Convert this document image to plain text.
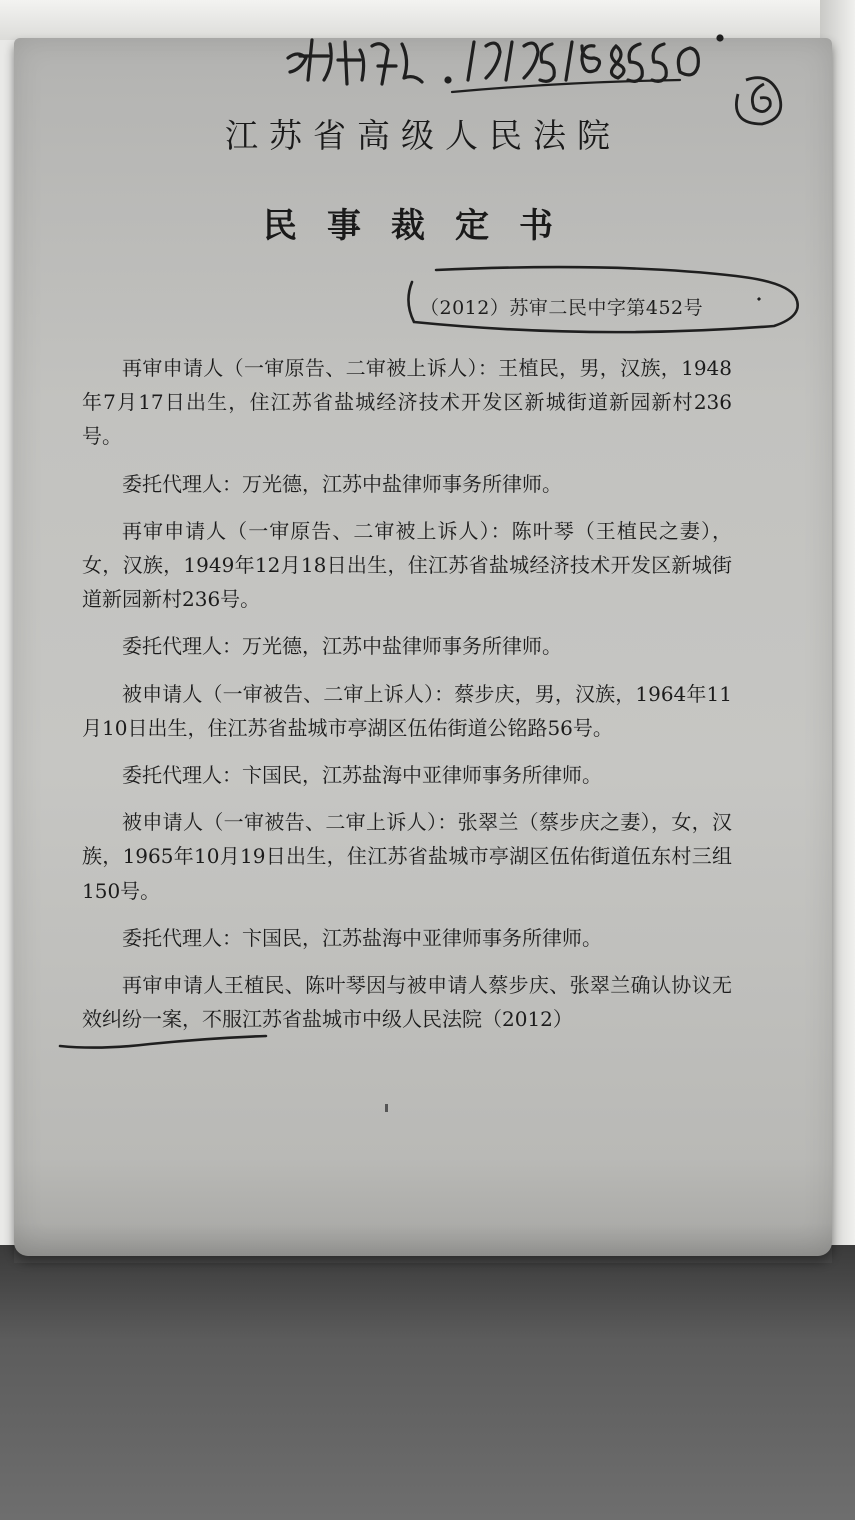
江苏省高级人民法院
民事裁定书
（2012）苏审二民中字第452号

再审申请人（一审原告、二审被上诉人）：王植民，男，汉族，1948年7月17日出生，住江苏省盐城经济技术开发区新城街道新园新村236号。

委托代理人：万光德，江苏中盐律师事务所律师。

再审申请人（一审原告、二审被上诉人）：陈叶琴（王植民之妻），女，汉族，1949年12月18日出生，住江苏省盐城经济技术开发区新城街道新园新村236号。

委托代理人：万光德，江苏中盐律师事务所律师。

被申请人（一审被告、二审上诉人）：蔡步庆，男，汉族，1964年11月10日出生，住江苏省盐城市亭湖区伍佑街道公铭路56号。

委托代理人：卞国民，江苏盐海中亚律师事务所律师。

被申请人（一审被告、二审上诉人）：张翠兰（蔡步庆之妻），女，汉族，1965年10月19日出生，住江苏省盐城市亭湖区伍佑街道伍东村三组150号。

委托代理人：卞国民，江苏盐海中亚律师事务所律师。

再审申请人王植民、陈叶琴因与被申请人蔡步庆、张翠兰确认协议无效纠纷一案，不服江苏省盐城市中级人民法院（2012）
